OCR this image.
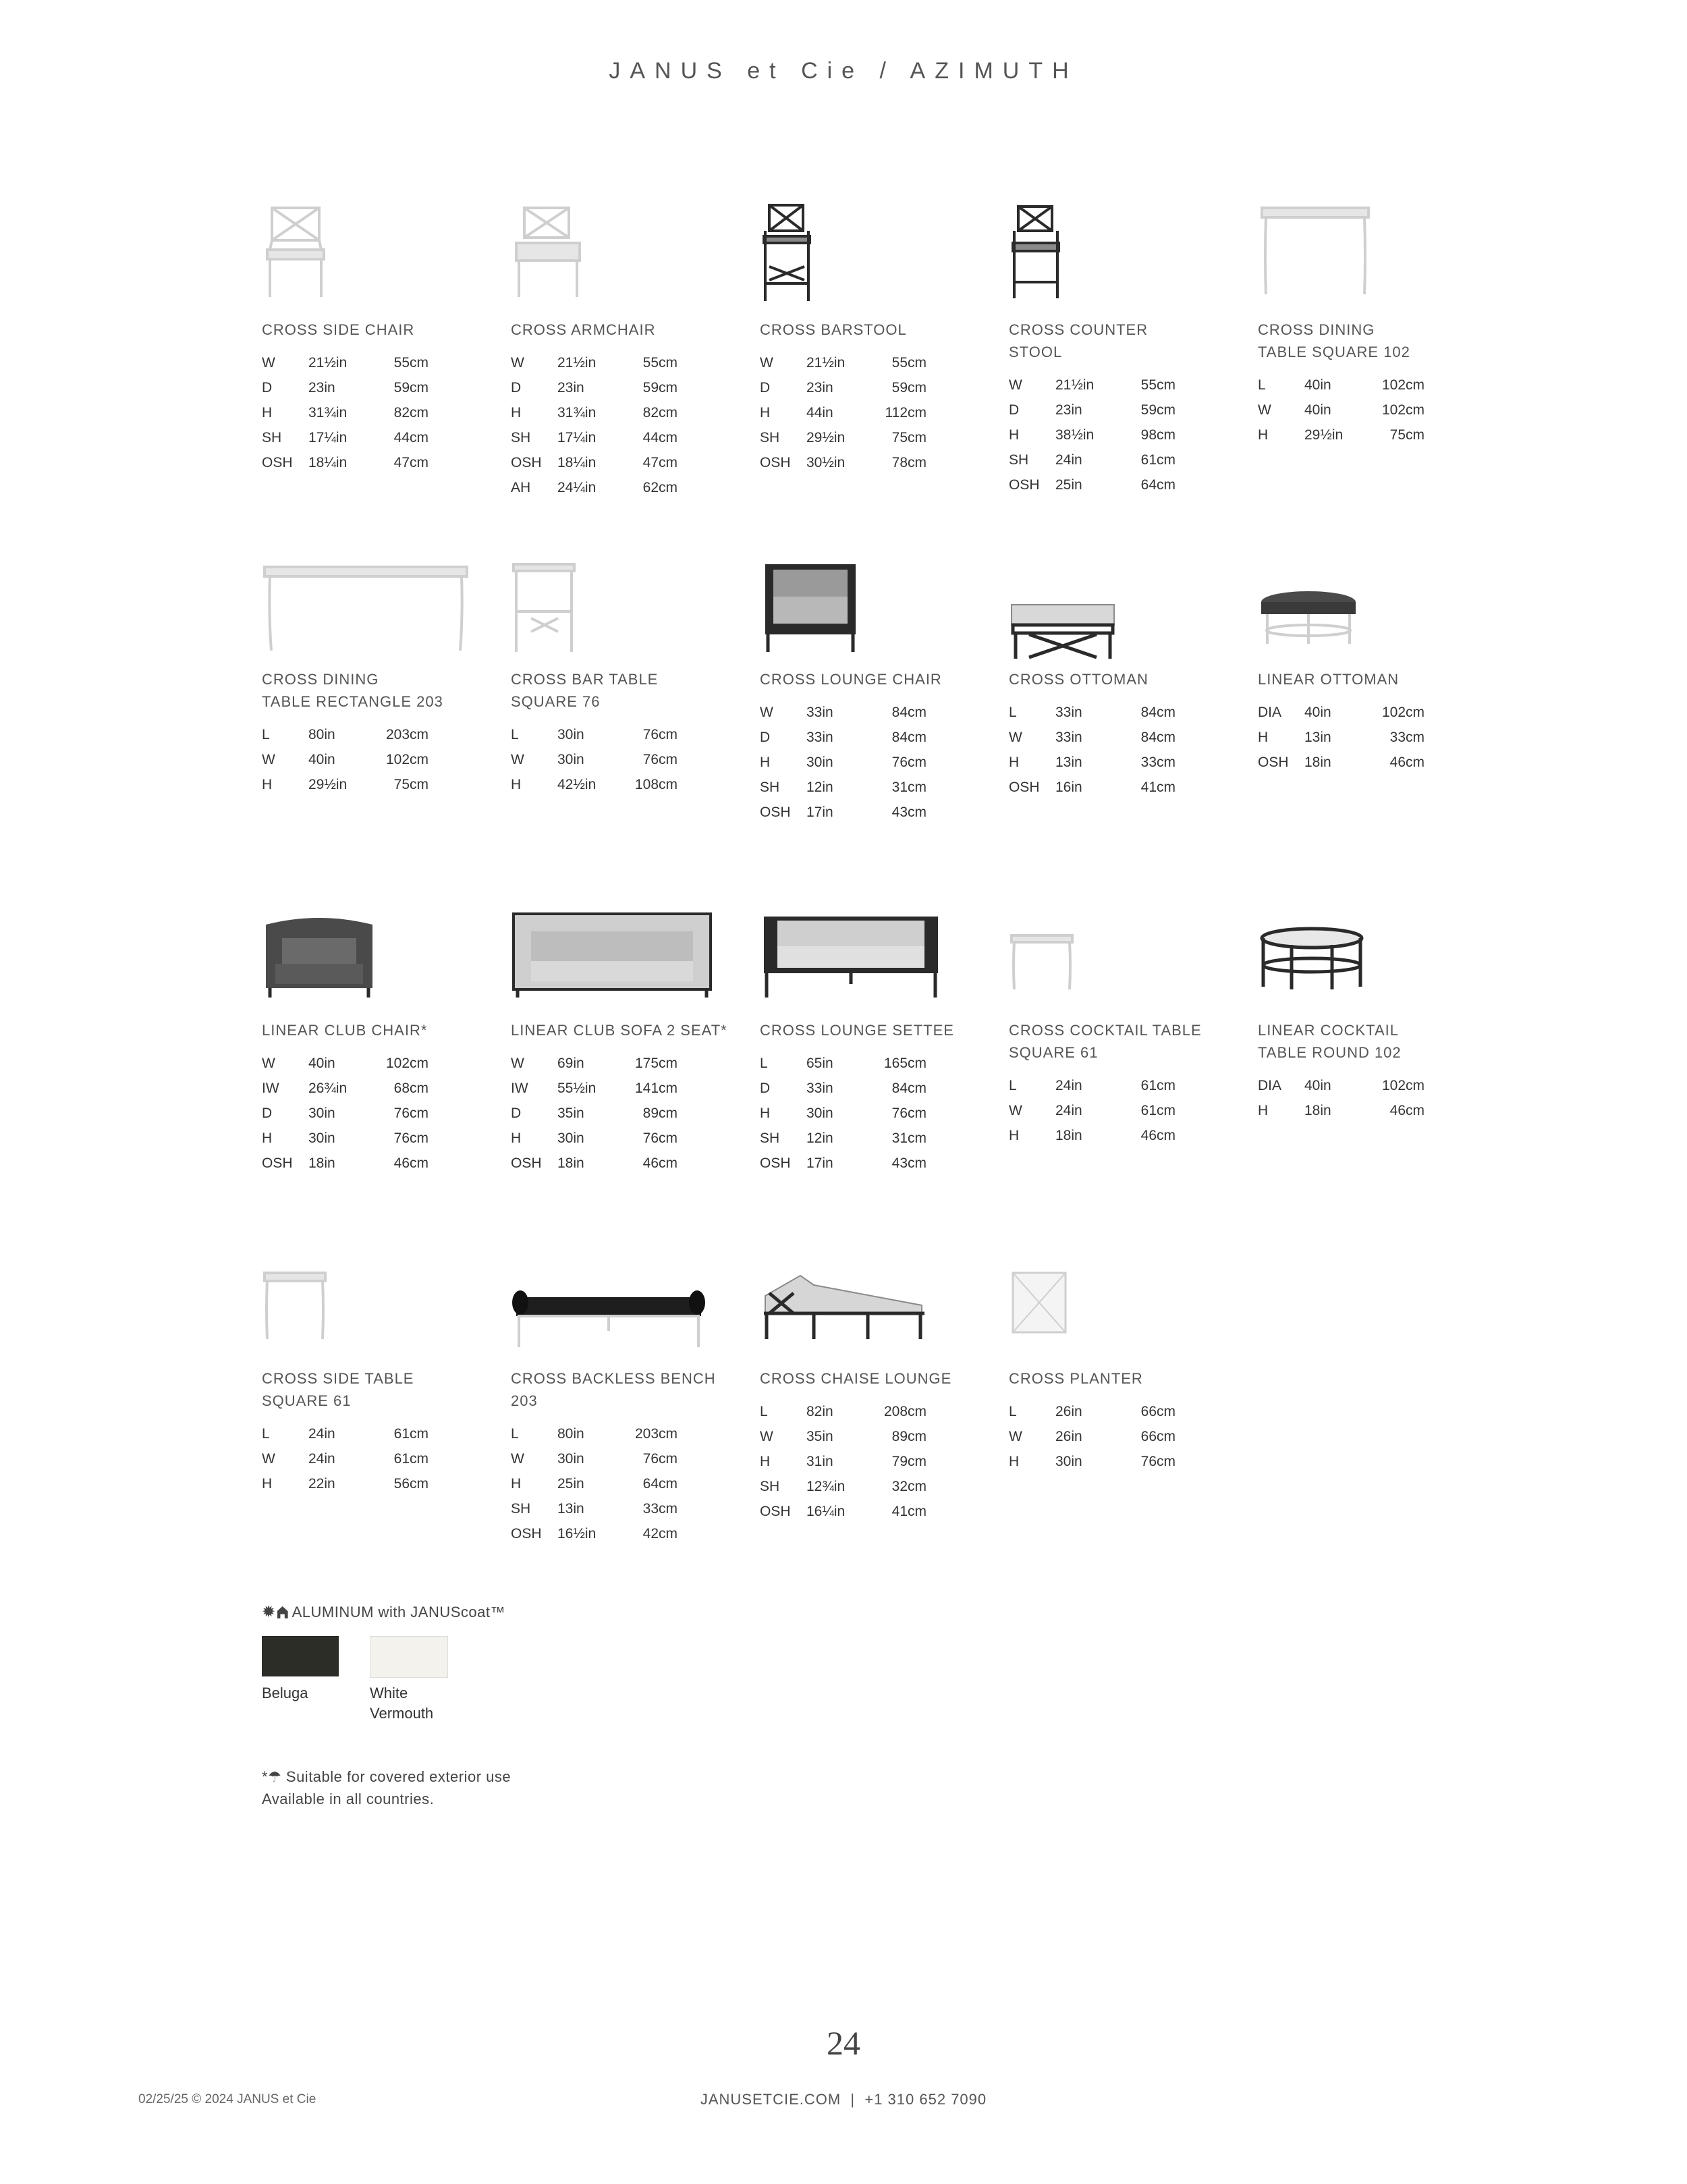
JANUS et Cie / AZIMUTH
CROSS SIDE CHAIR
W	21½in	55cm
D	23in	59cm
H	31¾in	82cm
SH	17¼in	44cm
OSH	18¼in	47cm
CROSS ARMCHAIR
W	21½in	55cm
D	23in	59cm
H	31¾in	82cm
SH	17¼in	44cm
OSH	18¼in	47cm
AH	24¼in	62cm
CROSS BARSTOOL
W	21½in	55cm
D	23in	59cm
H	44in	112cm
SH	29½in	75cm
OSH	30½in	78cm
CROSS COUNTER
STOOL
W	21½in	55cm
D	23in	59cm
H	38½in	98cm
SH	24in	61cm
OSH	25in	64cm
CROSS DINING
TABLE SQUARE 102
L	40in	102cm
W	40in	102cm
H	29½in	75cm
CROSS DINING
TABLE RECTANGLE 203
L	80in	203cm
W	40in	102cm
H	29½in	75cm
CROSS BAR TABLE
SQUARE 76
L	30in	76cm
W	30in	76cm
H	42½in	108cm
CROSS LOUNGE CHAIR
W	33in	84cm
D	33in	84cm
H	30in	76cm
SH	12in	31cm
OSH	17in	43cm
CROSS OTTOMAN
L	33in	84cm
W	33in	84cm
H	13in	33cm
OSH	16in	41cm
LINEAR OTTOMAN
DIA	40in	102cm
H	13in	33cm
OSH	18in	46cm
LINEAR CLUB CHAIR*
W	40in	102cm
IW	26¾in	68cm
D	30in	76cm
H	30in	76cm
OSH	18in	46cm
LINEAR CLUB SOFA 2 SEAT*
W	69in	175cm
IW	55½in	141cm
D	35in	89cm
H	30in	76cm
OSH	18in	46cm
CROSS LOUNGE SETTEE
L	65in	165cm
D	33in	84cm
H	30in	76cm
SH	12in	31cm
OSH	17in	43cm
CROSS COCKTAIL TABLE
SQUARE 61
L	24in	61cm
W	24in	61cm
H	18in	46cm
LINEAR COCKTAIL
TABLE ROUND 102
DIA	40in	102cm
H	18in	46cm
CROSS SIDE TABLE
SQUARE 61
L	24in	61cm
W	24in	61cm
H	22in	56cm
CROSS BACKLESS BENCH
203
L	80in	203cm
W	30in	76cm
H	25in	64cm
SH	13in	33cm
OSH	16½in	42cm
CROSS CHAISE LOUNGE
L	82in	208cm
W	35in	89cm
H	31in	79cm
SH	12¾in	32cm
OSH	16¼in	41cm
CROSS PLANTER
L	26in	66cm
W	26in	66cm
H	30in	76cm
✹ ALUMINUM with JANUScoat™
Beluga	White
Vermouth
*☂ Suitable for covered exterior use
Available in all countries.
24
02/25/25 © 2024 JANUS et Cie	JANUSETCIE.COM  |  +1 310 652 7090
